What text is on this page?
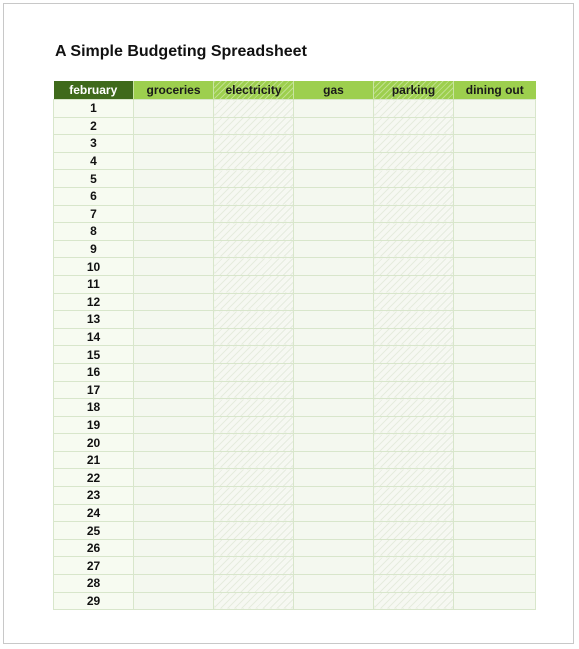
A Simple Budgeting Spreadsheet
february	groceries	electricity	gas	parking	dining out
1					
2					
3					
4					
5					
6					
7					
8					
9					
10					
11					
12					
13					
14					
15					
16					
17					
18					
19					
20					
21					
22					
23					
24					
25					
26					
27					
28					
29					
